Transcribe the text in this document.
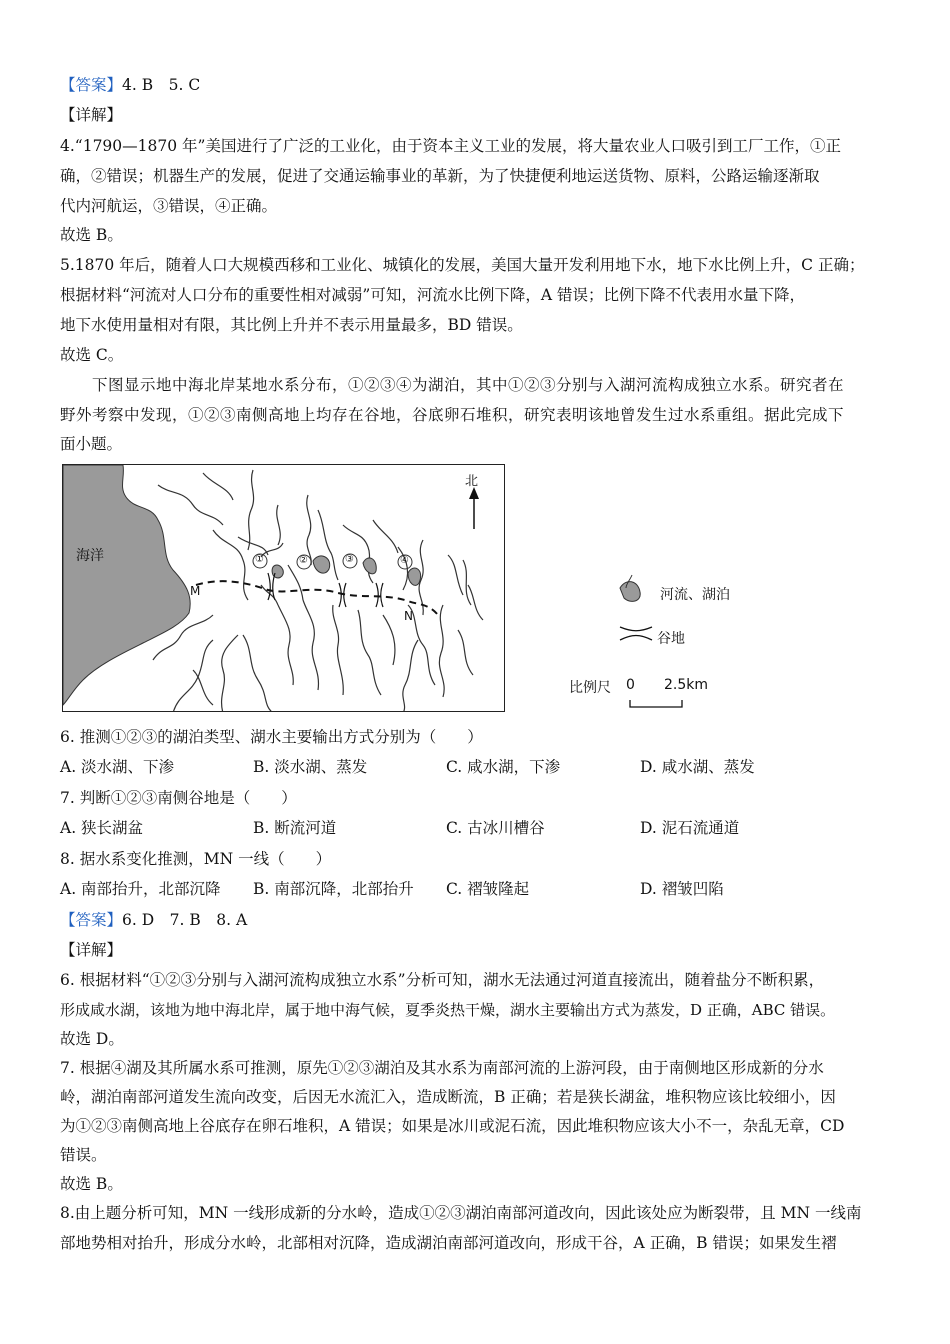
【答案】4. B　5. C
【详解】
4.“1790—1870 年”美国进行了广泛的工业化，由于资本主义工业的发展，将大量农业人口吸引到工厂工作，①正
确，②错误；机器生产的发展，促进了交通运输事业的革新，为了快捷便利地运送货物、原料，公路运输逐渐取
代内河航运，③错误，④正确。
故选 B。
5.1870 年后，随着人口大规模西移和工业化、城镇化的发展，美国大量开发利用地下水，地下水比例上升，C 正确；
根据材料“河流对人口分布的重要性相对减弱”可知，河流水比例下降，A 错误；比例下降不代表用水量下降，
地下水使用量相对有限，其比例上升并不表示用量最多，BD 错误。
故选 C。
　　下图显示地中海北岸某地水系分布，①②③④为湖泊，其中①②③分别与入湖河流构成独立水系。研究者在
野外考察中发现，①②③南侧高地上均存在谷地，谷底卵石堆积，研究表明该地曾发生过水系重组。据此完成下
面小题。
海洋
北
M
N
①	②	③	④
河流、湖泊
谷地
比例尺 0 2.5km
6. 推测①②③的湖泊类型、湖水主要输出方式分别为（　　）
A. 淡水湖、下渗	B. 淡水湖、蒸发	C. 咸水湖，下渗	D. 咸水湖、蒸发
7. 判断①②③南侧谷地是（　　）
A. 狭长湖盆	B. 断流河道	C. 古冰川槽谷	D. 泥石流通道
8. 据水系变化推测，MN 一线（　　）
A. 南部抬升，北部沉降 B. 南部沉降，北部抬升 C. 褶皱隆起	D. 褶皱凹陷
【答案】6. D　7. B　8. A
【详解】
6. 根据材料“①②③分别与入湖河流构成独立水系”分析可知，湖水无法通过河道直接流出，随着盐分不断积累，
形成咸水湖，该地为地中海北岸，属于地中海气候，夏季炎热干燥，湖水主要输出方式为蒸发，D 正确，ABC 错误。
故选 D。
7. 根据④湖及其所属水系可推测，原先①②③湖泊及其水系为南部河流的上游河段，由于南侧地区形成新的分水
岭，湖泊南部河道发生流向改变，后因无水流汇入，造成断流，B 正确；若是狭长湖盆，堆积物应该比较细小，因
为①②③南侧高地上谷底存在卵石堆积，A 错误；如果是冰川或泥石流，因此堆积物应该大小不一，杂乱无章，CD
错误。
故选 B。
8.由上题分析可知，MN 一线形成新的分水岭，造成①②③湖泊南部河道改向，因此该处应为断裂带，且 MN 一线南
部地势相对抬升，形成分水岭，北部相对沉降，造成湖泊南部河道改向，形成干谷，A 正确，B 错误；如果发生褶
